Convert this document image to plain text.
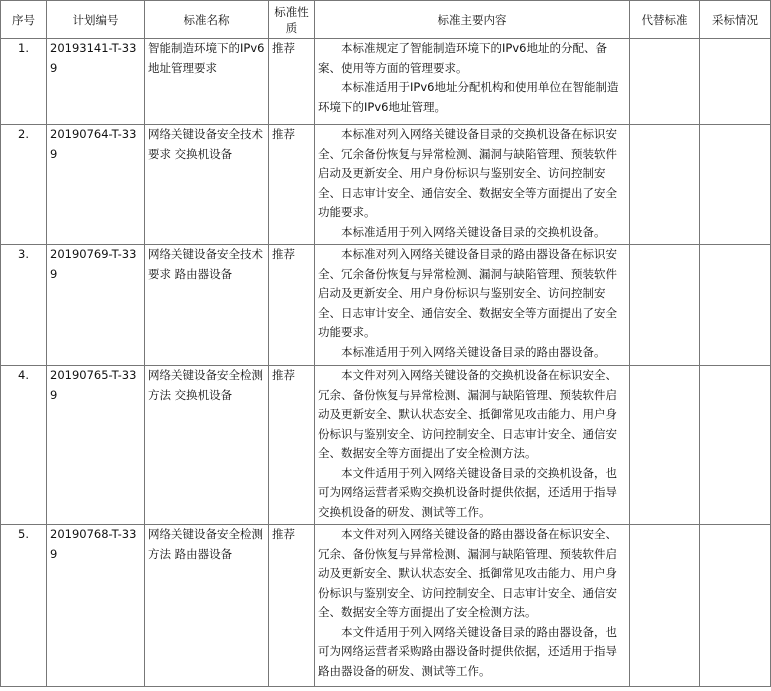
序号	计划编号	标准名称	标准性质	标准主要内容	代替标准	采标情况
1.	20193141-T-339	智能制造环境下的IPv6地址管理要求	推荐	本标准规定了智能制造环境下的IPv6地址的分配、备案、使用等方面的管理要求。

本标准适用于IPv6地址分配机构和使用单位在智能制造环境下的IPv6地址管理。		

2.	20190764-T-339	网络关键设备安全技术要求 交换机设备	推荐	本标准对列入网络关键设备目录的交换机设备在标识安全、冗余备份恢复与异常检测、漏洞与缺陷管理、预装软件启动及更新安全、用户身份标识与鉴别安全、访问控制安全、日志审计安全、通信安全、数据安全等方面提出了安全功能要求。

本标准适用于列入网络关键设备目录的交换机设备。		

3.	20190769-T-339	网络关键设备安全技术要求 路由器设备	推荐	本标准对列入网络关键设备目录的路由器设备在标识安全、冗余备份恢复与异常检测、漏洞与缺陷管理、预装软件启动及更新安全、用户身份标识与鉴别安全、访问控制安全、日志审计安全、通信安全、数据安全等方面提出了安全功能要求。

本标准适用于列入网络关键设备目录的路由器设备。		

4.	20190765-T-339	网络关键设备安全检测方法 交换机设备	推荐	本文件对列入网络关键设备的交换机设备在标识安全、冗余、备份恢复与异常检测、漏洞与缺陷管理、预装软件启动及更新安全、默认状态安全、抵御常见攻击能力、用户身份标识与鉴别安全、访问控制安全、日志审计安全、通信安全、数据安全等方面提出了安全检测方法。

本文件适用于列入网络关键设备目录的交换机设备，也可为网络运营者采购交换机设备时提供依据，还适用于指导交换机设备的研发、测试等工作。		

5.	20190768-T-339	网络关键设备安全检测方法 路由器设备	推荐	本文件对列入网络关键设备的路由器设备在标识安全、冗余、备份恢复与异常检测、漏洞与缺陷管理、预装软件启动及更新安全、默认状态安全、抵御常见攻击能力、用户身份标识与鉴别安全、访问控制安全、日志审计安全、通信安全、数据安全等方面提出了安全检测方法。

本文件适用于列入网络关键设备目录的路由器设备，也可为网络运营者采购路由器设备时提供依据，还适用于指导路由器设备的研发、测试等工作。		
